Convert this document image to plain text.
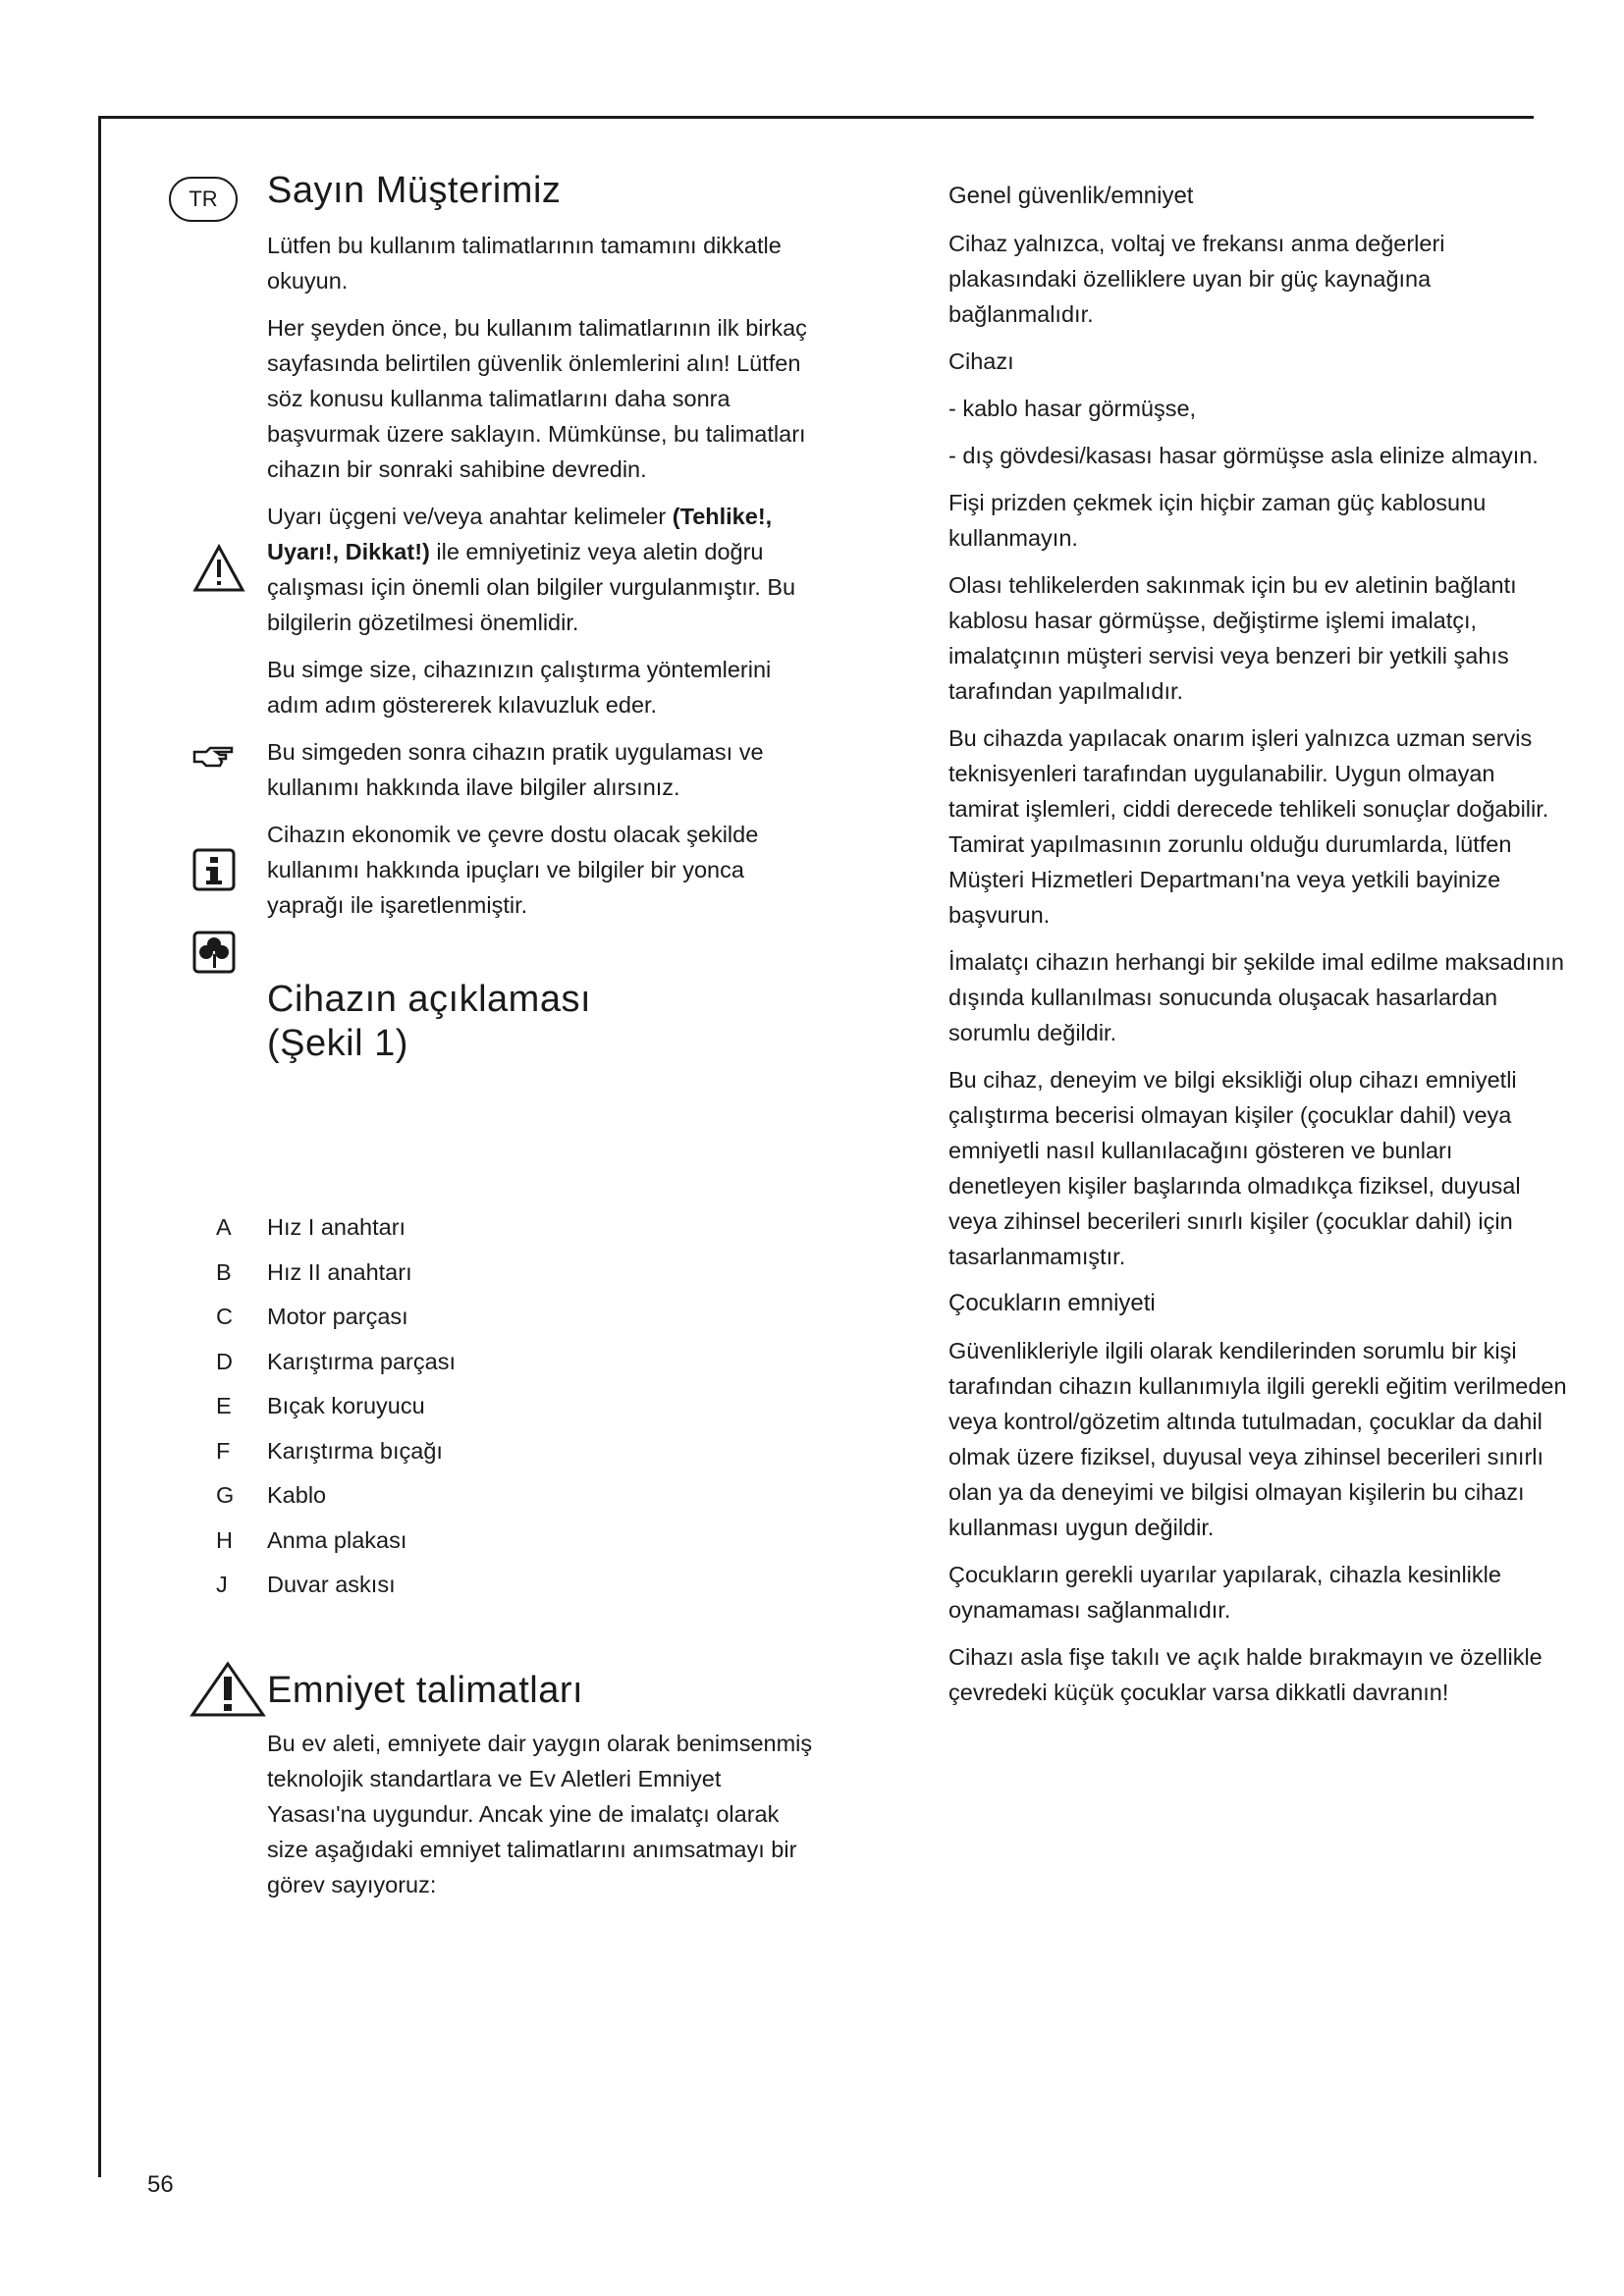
TR	Sayın Müşterimiz

Lütfen bu kullanım talimatlarının tamamını dikkatle okuyun.

Her şeyden önce, bu kullanım talimatlarının ilk birkaç sayfasında belirtilen güvenlik önlemlerini alın! Lütfen söz konusu kullanma talimatlarını daha sonra başvurmak üzere saklayın. Mümkünse, bu talimatları cihazın bir sonraki sahibine devredin.

Uyarı üçgeni ve/veya anahtar kelimeler (Tehlike!, Uyarı!, Dikkat!) ile emniyetiniz veya aletin doğru çalışması için önemli olan bilgiler vurgulanmıştır. Bu bilgilerin gözetilmesi önemlidir.

Bu simge size, cihazınızın çalıştırma yöntemlerini adım adım göstererek kılavuzluk eder.

Bu simgeden sonra cihazın pratik uygulaması ve kullanımı hakkında ilave bilgiler alırsınız.

Cihazın ekonomik ve çevre dostu olacak şekilde kullanımı hakkında ipuçları ve bilgiler bir yonca yaprağı ile işaretlenmiştir.

Cihazın açıklaması
(Şekil 1)
A	Hız I anahtarı
B	Hız II anahtarı
C	Motor parçası
D	Karıştırma parçası
E	Bıçak koruyucu
F	Karıştırma bıçağı
G	Kablo
H	Anma plakası
J	Duvar askısı
Emniyet talimatları

Bu ev aleti, emniyete dair yaygın olarak benimsenmiş teknolojik standartlara ve Ev Aletleri Emniyet Yasası'na uygundur. Ancak yine de imalatçı olarak size aşağıdaki emniyet talimatlarını anımsatmayı bir görev sayıyoruz:

Genel güvenlik/emniyet

Cihaz yalnızca, voltaj ve frekansı anma değerleri plakasındaki özelliklere uyan bir güç kaynağına bağlanmalıdır.

Cihazı

- kablo hasar görmüşse,

- dış gövdesi/kasası hasar görmüşse asla elinize almayın.

Fişi prizden çekmek için hiçbir zaman güç kablosunu kullanmayın.

Olası tehlikelerden sakınmak için bu ev aletinin bağlantı kablosu hasar görmüşse, değiştirme işlemi imalatçı, imalatçının müşteri servisi veya benzeri bir yetkili şahıs tarafından yapılmalıdır.

Bu cihazda yapılacak onarım işleri yalnızca uzman servis teknisyenleri tarafından uygulanabilir. Uygun olmayan tamirat işlemleri, ciddi derecede tehlikeli sonuçlar doğabilir. Tamirat yapılmasının zorunlu olduğu durumlarda, lütfen Müşteri Hizmetleri Departmanı'na veya yetkili bayinize başvurun.

İmalatçı cihazın herhangi bir şekilde imal edilme maksadının dışında kullanılması sonucunda oluşacak hasarlardan sorumlu değildir.

Bu cihaz, deneyim ve bilgi eksikliği olup cihazı emniyetli çalıştırma becerisi olmayan kişiler (çocuklar dahil) veya emniyetli nasıl kullanılacağını gösteren ve bunları denetleyen kişiler başlarında olmadıkça fiziksel, duyusal veya zihinsel becerileri sınırlı kişiler (çocuklar dahil) için tasarlanmamıştır.

Çocukların emniyeti

Güvenlikleriyle ilgili olarak kendilerinden sorumlu bir kişi tarafından cihazın kullanımıyla ilgili gerekli eğitim verilmeden veya kontrol/gözetim altında tutulmadan, çocuklar da dahil olmak üzere fiziksel, duyusal veya zihinsel becerileri sınırlı olan ya da deneyimi ve bilgisi olmayan kişilerin bu cihazı kullanması uygun değildir.

Çocukların gerekli uyarılar yapılarak, cihazla kesinlikle oynamaması sağlanmalıdır.

Cihazı asla fişe takılı ve açık halde bırakmayın ve özellikle çevredeki küçük çocuklar varsa dikkatli davranın!

56
